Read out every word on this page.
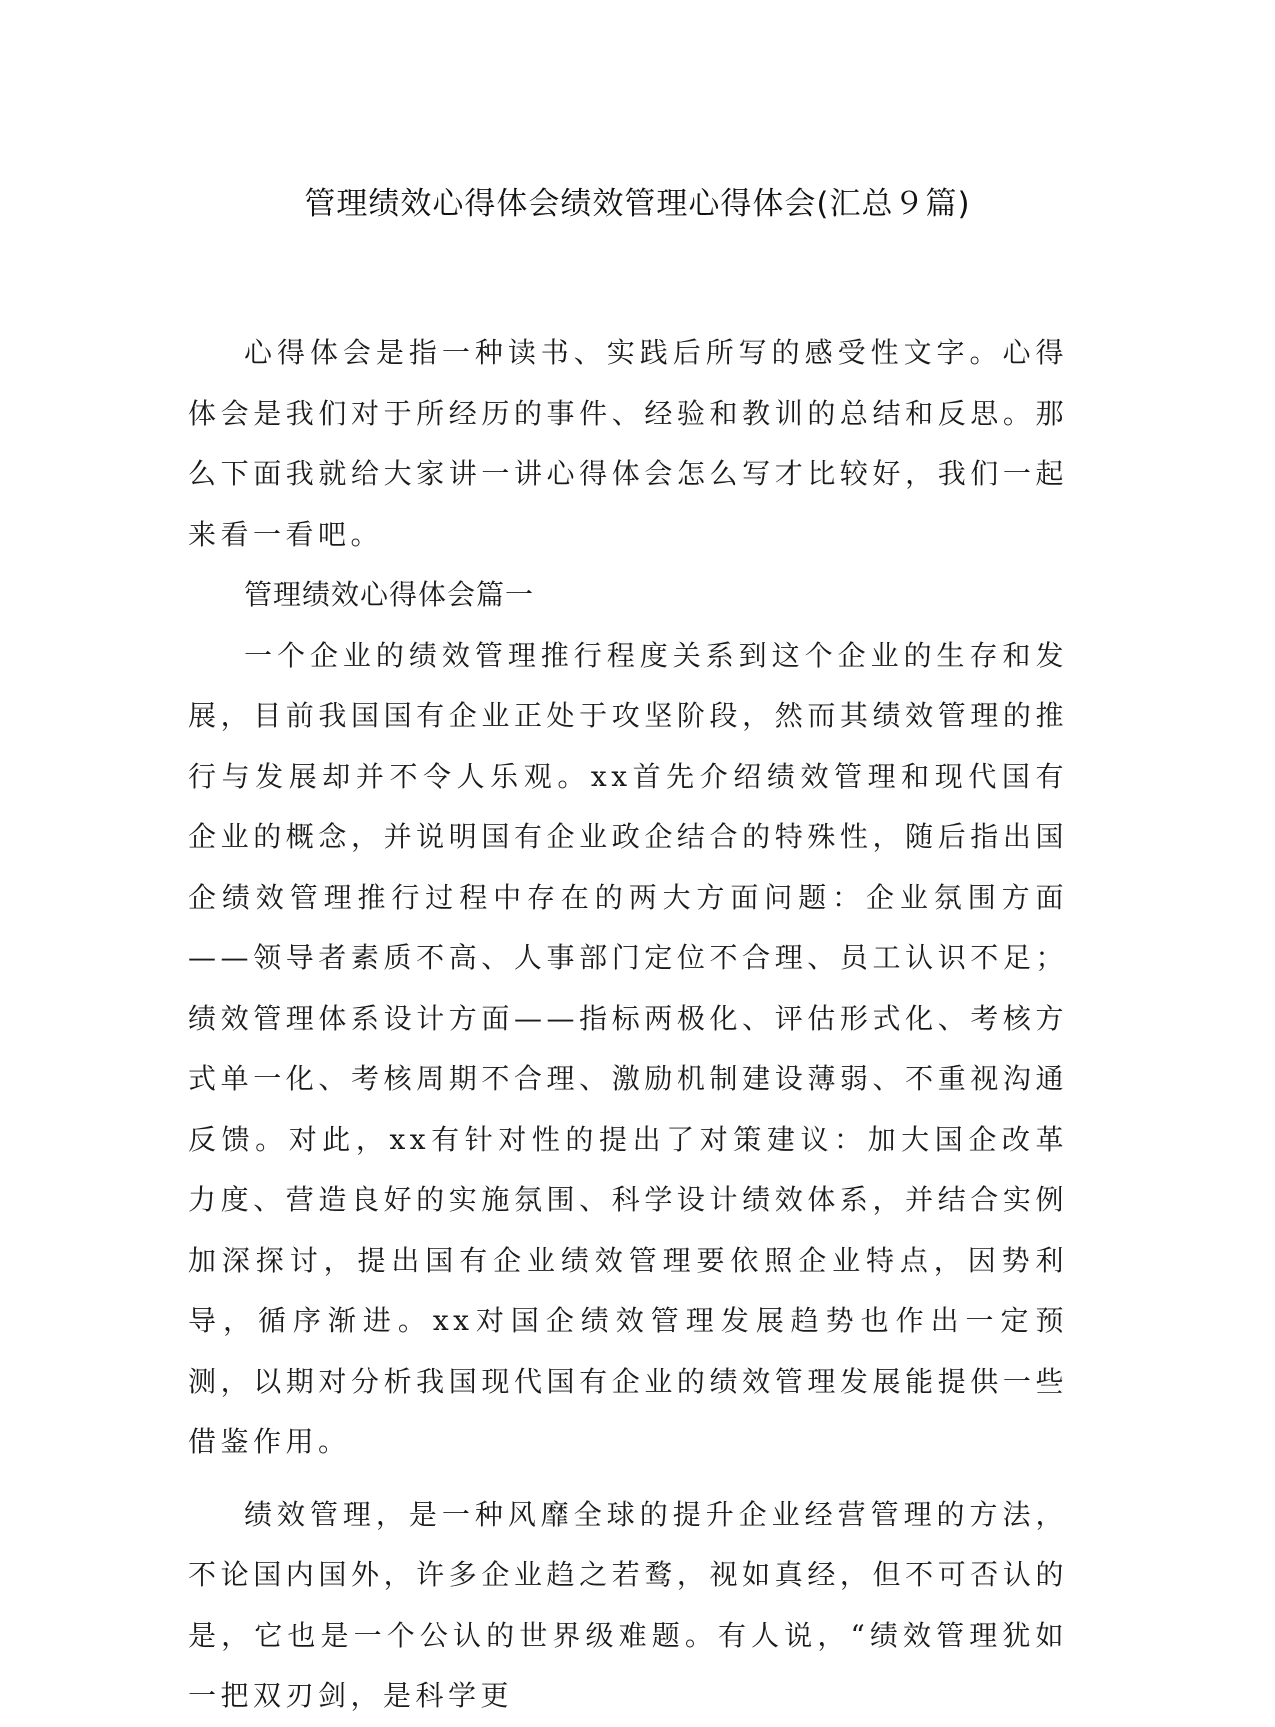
管理绩效心得体会绩效管理心得体会(汇总９篇)

心得体会是指一种读书、实践后所写的感受性文字。心得体会是我们对于所经历的事件、经验和教训的总结和反思。那么下面我就给大家讲一讲心得体会怎么写才比较好，我们一起来看一看吧。

管理绩效心得体会篇一

一个企业的绩效管理推行程度关系到这个企业的生存和发展，目前我国国有企业正处于攻坚阶段，然而其绩效管理的推行与发展却并不令人乐观。xx首先介绍绩效管理和现代国有企业的概念，并说明国有企业政企结合的特殊性，随后指出国企绩效管理推行过程中存在的两大方面问题：企业氛围方面——领导者素质不高、人事部门定位不合理、员工认识不足；绩效管理体系设计方面——指标两极化、评估形式化、考核方式单一化、考核周期不合理、激励机制建设薄弱、不重视沟通反馈。对此，xx有针对性的提出了对策建议：加大国企改革力度、营造良好的实施氛围、科学设计绩效体系，并结合实例加深探讨，提出国有企业绩效管理要依照企业特点，因势利导，循序渐进。xx对国企绩效管理发展趋势也作出一定预测，以期对分析我国现代国有企业的绩效管理发展能提供一些借鉴作用。

绩效管理，是一种风靡全球的提升企业经营管理的方法，不论国内国外，许多企业趋之若鹜，视如真经，但不可否认的是，它也是一个公认的世界级难题。有人说，“绩效管理犹如一把双刃剑，是科学更
